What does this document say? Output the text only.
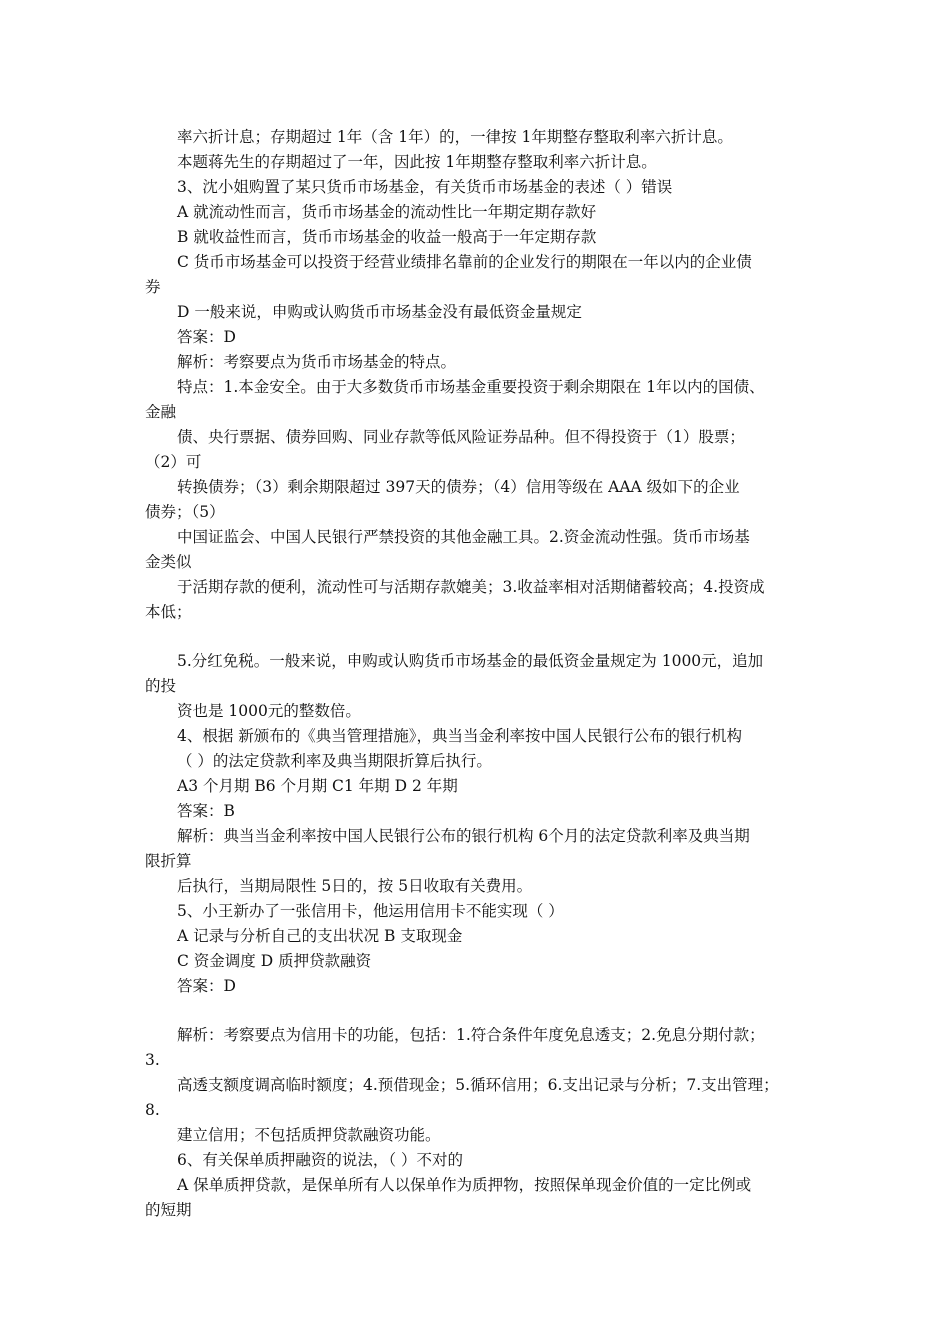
率六折计息；存期超过 1年（含 1年）的，一律按 1年期整存整取利率六折计息。
本题蒋先生的存期超过了一年，因此按 1年期整存整取利率六折计息。
3、沈小姐购置了某只货币市场基金，有关货币市场基金的表述（ ）错误
A 就流动性而言，货币市场基金的流动性比一年期定期存款好
B 就收益性而言，货币市场基金的收益一般高于一年定期存款
C 货币市场基金可以投资于经营业绩排名靠前的企业发行的期限在一年以内的企业债
券
D 一般来说，申购或认购货币市场基金没有最低资金量规定
答案：D
解析：考察要点为货币市场基金的特点。
特点：1.本金安全。由于大多数货币市场基金重要投资于剩余期限在 1年以内的国债、
金融
债、央行票据、债券回购、同业存款等低风险证券品种。但不得投资于（1）股票；
（2）可
转换债券；（3）剩余期限超过 397天的债券；（4）信用等级在 AAA 级如下的企业
债券；（5）
中国证监会、中国人民银行严禁投资的其他金融工具。2.资金流动性强。货币市场基
金类似
于活期存款的便利，流动性可与活期存款媲美；3.收益率相对活期储蓄较高；4.投资成
本低；
5.分红免税。一般来说，申购或认购货币市场基金的最低资金量规定为 1000元，追加
的投
资也是 1000元的整数倍。
4、根据 新颁布的《典当管理措施》，典当当金利率按中国人民银行公布的银行机构
（ ）的法定贷款利率及典当期限折算后执行。
A3 个月期 B6 个月期 C1 年期 D 2 年期
答案：B
解析：典当当金利率按中国人民银行公布的银行机构 6个月的法定贷款利率及典当期
限折算
后执行，当期局限性 5日的，按 5日收取有关费用。
5、小王新办了一张信用卡，他运用信用卡不能实现（ ）
A 记录与分析自己的支出状况 B 支取现金
C 资金调度 D 质押贷款融资
答案：D
解析：考察要点为信用卡的功能，包括：1.符合条件年度免息透支；2.免息分期付款；
3.
高透支额度调高临时额度；4.预借现金；5.循环信用；6.支出记录与分析；7.支出管理；
8.
建立信用；不包括质押贷款融资功能。
6、有关保单质押融资的说法，（ ）不对的
A 保单质押贷款，是保单所有人以保单作为质押物，按照保单现金价值的一定比例或
的短期
